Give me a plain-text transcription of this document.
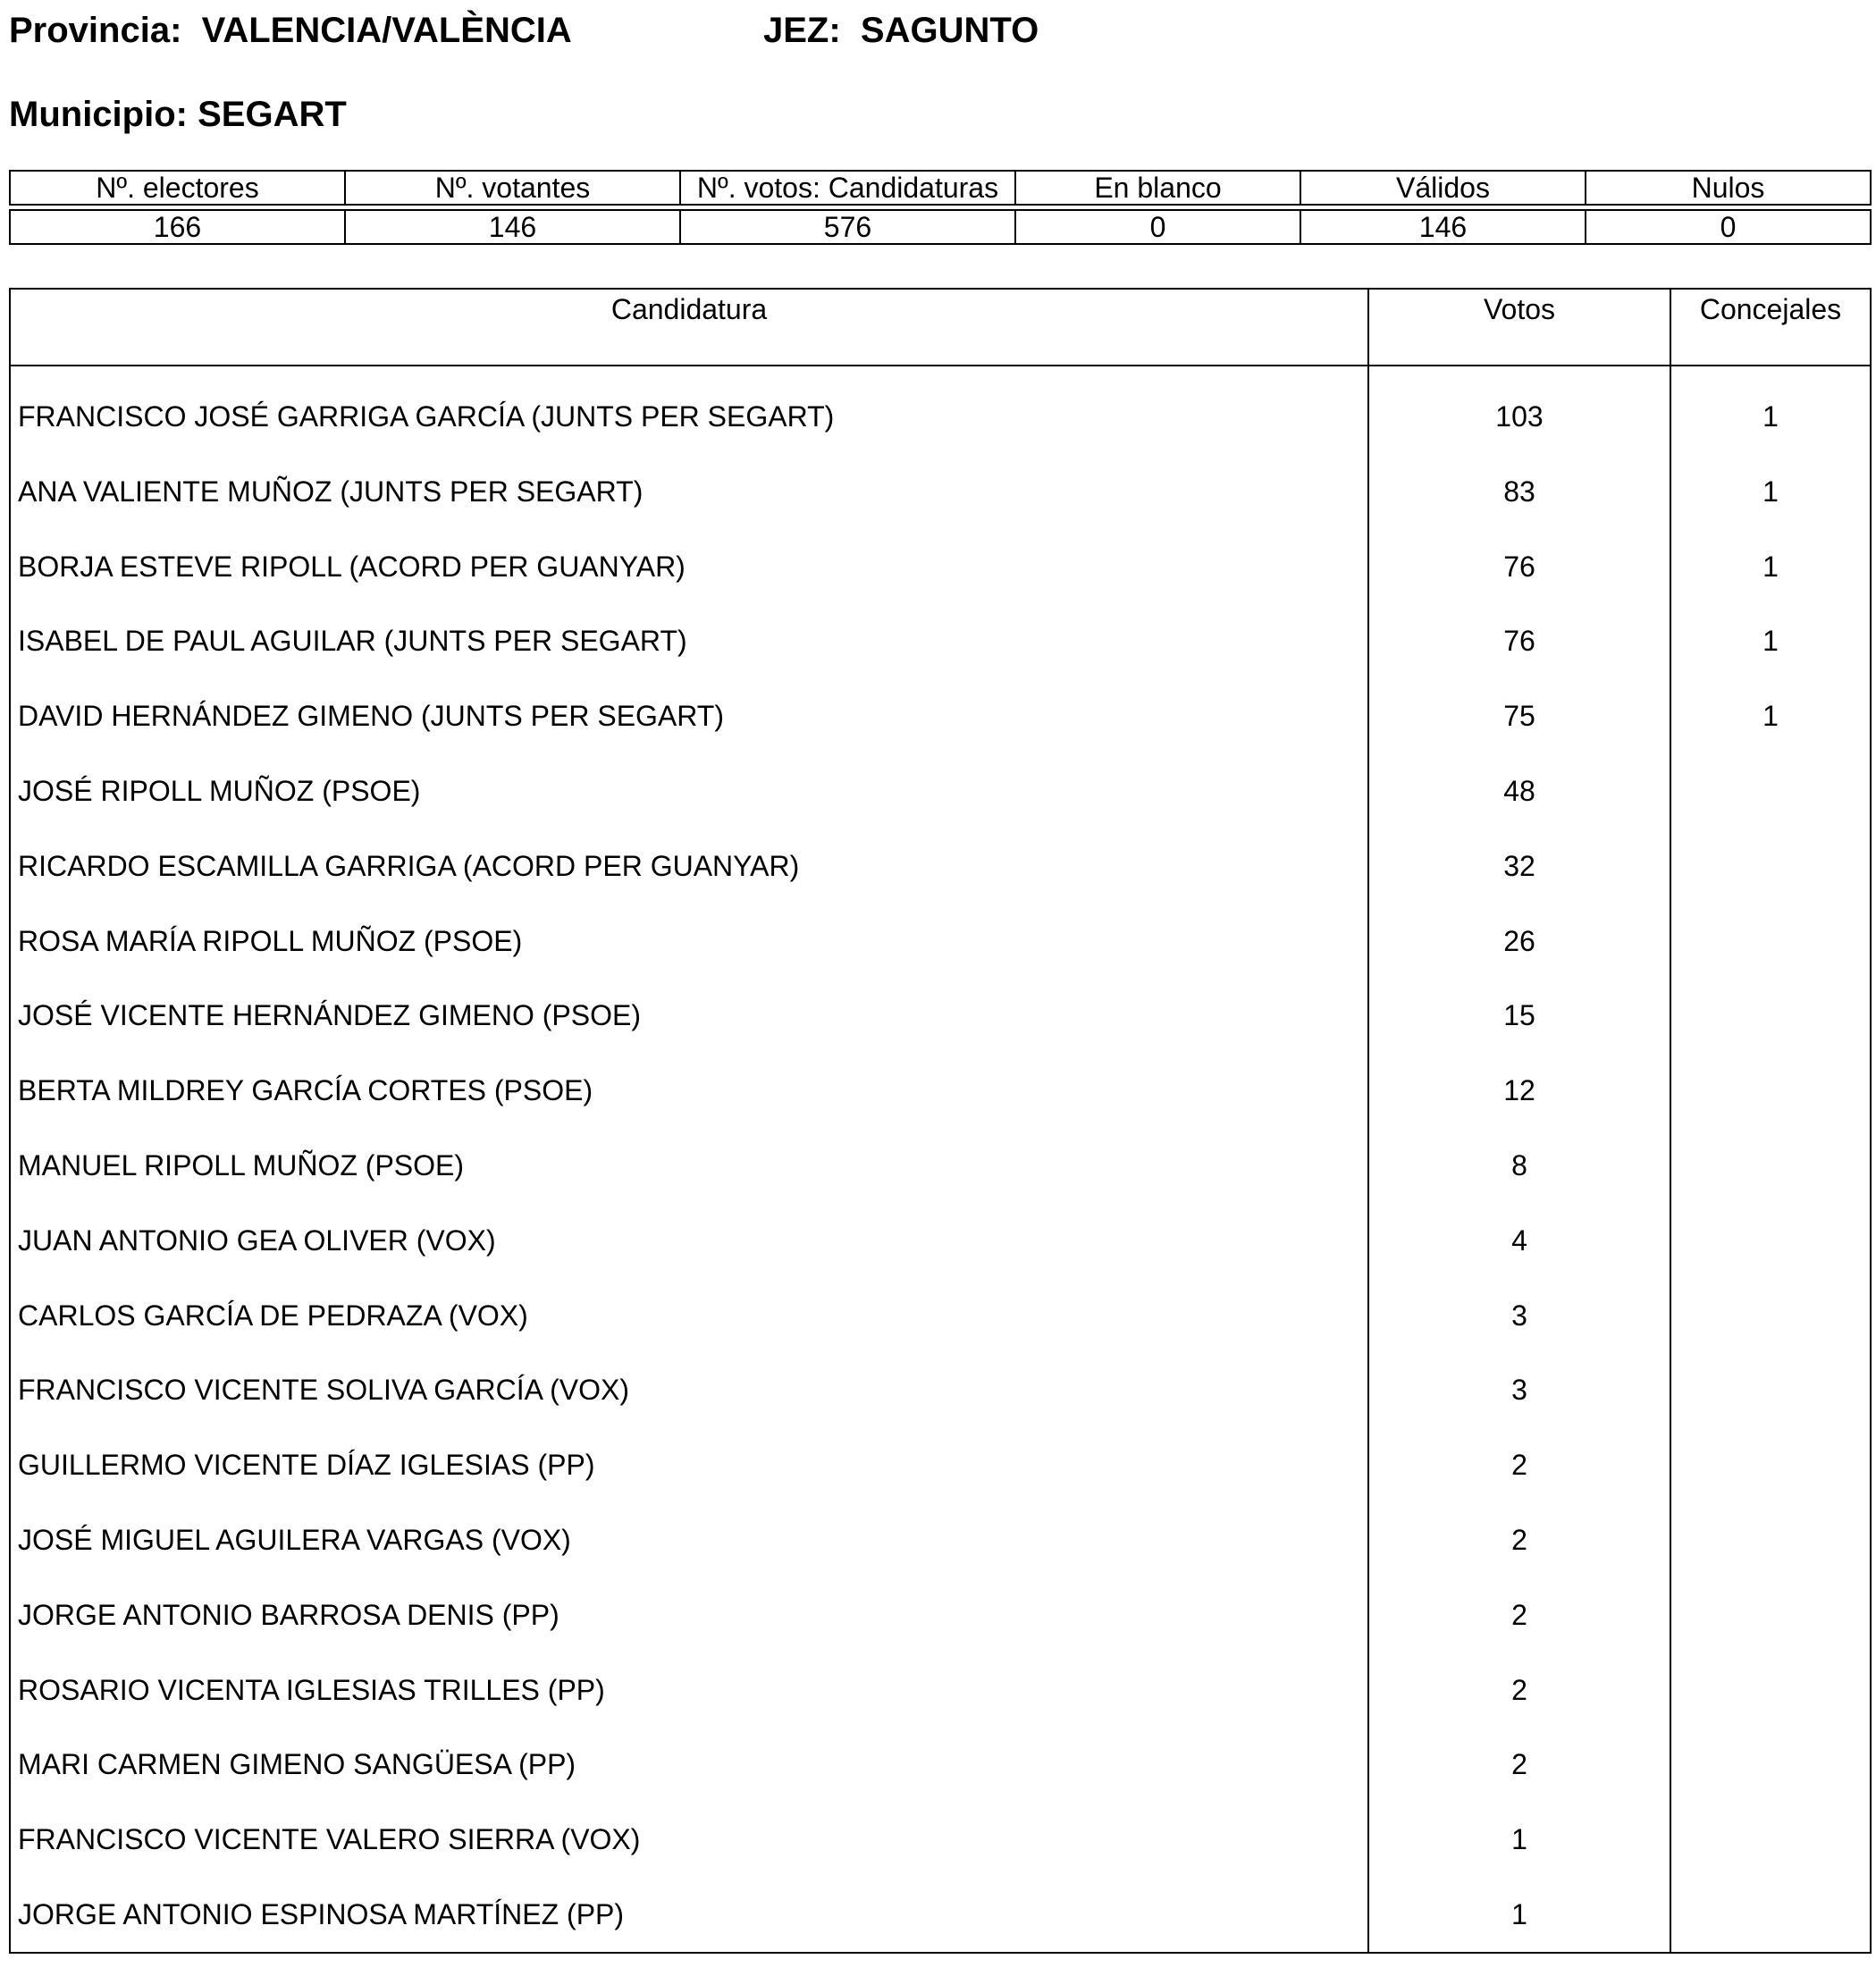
Provincia: VALENCIA/VALÈNCIA	JEZ: SAGUNTO
Municipio: SEGART
Nº. electores	Nº. votantes	Nº. votos: Candidaturas	En blanco	Válidos	Nulos

166	146	576	0	146	0
Candidatura	Votos	Concejales
FRANCISCO JOSÉ GARRIGA GARCÍA (JUNTS PER SEGART)	103	1
ANA VALIENTE MUÑOZ (JUNTS PER SEGART)	83	1
BORJA ESTEVE RIPOLL (ACORD PER GUANYAR)	76	1
ISABEL DE PAUL AGUILAR (JUNTS PER SEGART)	76	1
DAVID HERNÁNDEZ GIMENO (JUNTS PER SEGART)	75	1
JOSÉ RIPOLL MUÑOZ (PSOE)	48	
RICARDO ESCAMILLA GARRIGA (ACORD PER GUANYAR)	32	
ROSA MARÍA RIPOLL MUÑOZ (PSOE)	26	
JOSÉ VICENTE HERNÁNDEZ GIMENO (PSOE)	15	
BERTA MILDREY GARCÍA CORTES (PSOE)	12	
MANUEL RIPOLL MUÑOZ (PSOE)	8	
JUAN ANTONIO GEA OLIVER (VOX)	4	
CARLOS GARCÍA DE PEDRAZA (VOX)	3	
FRANCISCO VICENTE SOLIVA GARCÍA (VOX)	3	
GUILLERMO VICENTE DÍAZ IGLESIAS (PP)	2	
JOSÉ MIGUEL AGUILERA VARGAS (VOX)	2	
JORGE ANTONIO BARROSA DENIS (PP)	2	
ROSARIO VICENTA IGLESIAS TRILLES (PP)	2	
MARI CARMEN GIMENO SANGÜESA (PP)	2	
FRANCISCO VICENTE VALERO SIERRA (VOX)	1	
JORGE ANTONIO ESPINOSA MARTÍNEZ (PP)	1	
